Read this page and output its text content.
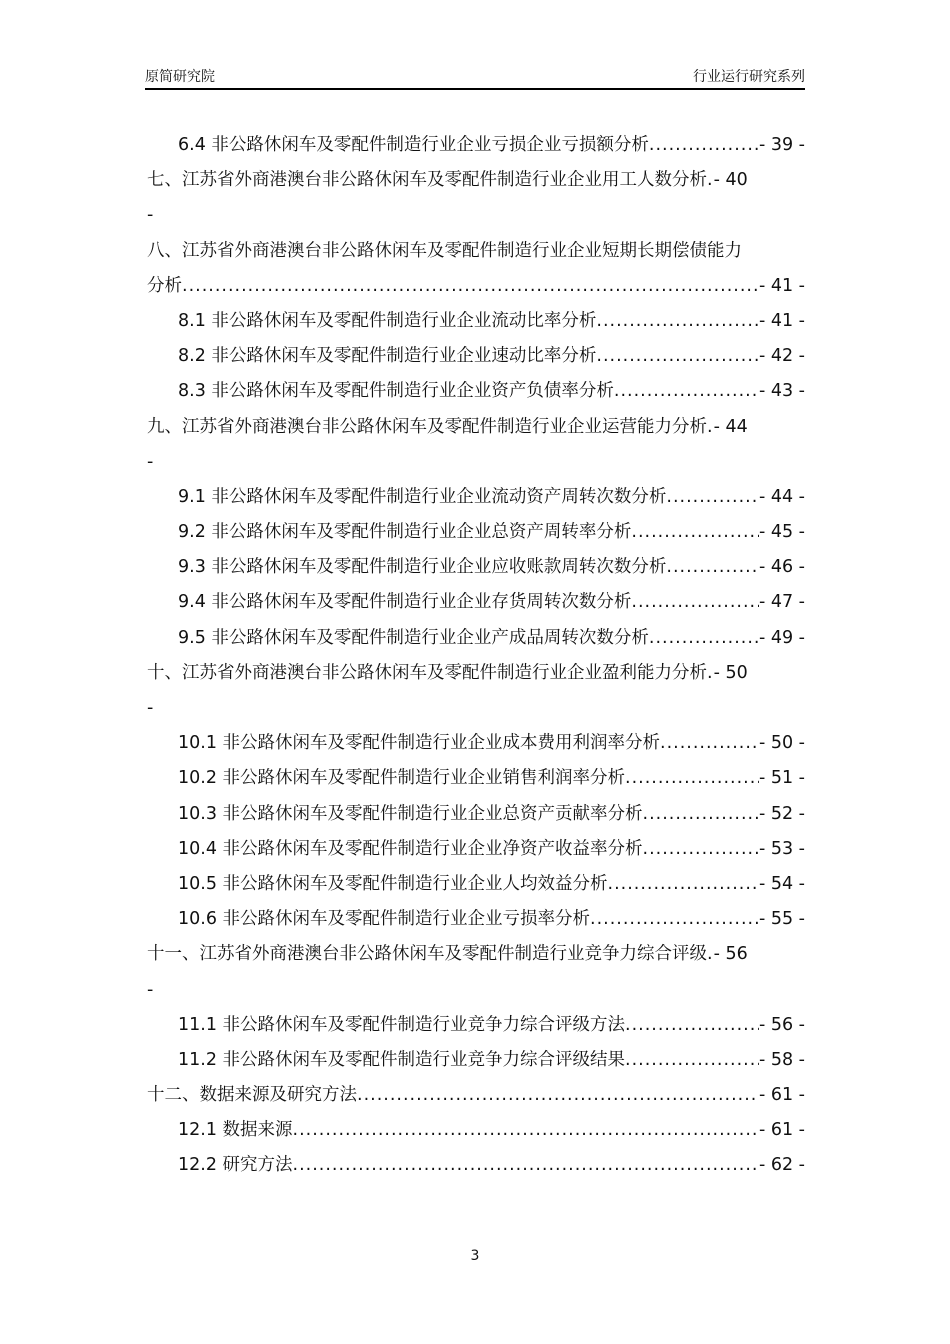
原简研究院	行业运行研究系列
6.4 非公路休闲车及零配件制造行业企业亏损企业亏损额分析 .....	- 39 -
七、江苏省外商港澳台非公路休闲车及零配件制造行业企业用工人数分析 . - 40
-
八、江苏省外商港澳台非公路休闲车及零配件制造行业企业短期长期偿债能力
分析 .....	- 41 -
8.1 非公路休闲车及零配件制造行业企业流动比率分析 .....	- 41 -
8.2 非公路休闲车及零配件制造行业企业速动比率分析 .....	- 42 -
8.3 非公路休闲车及零配件制造行业企业资产负债率分析 .....	- 43 -
九、江苏省外商港澳台非公路休闲车及零配件制造行业企业运营能力分析 . - 44
-
9.1 非公路休闲车及零配件制造行业企业流动资产周转次数分析 .....	- 44 -
9.2 非公路休闲车及零配件制造行业企业总资产周转率分析 .....	- 45 -
9.3 非公路休闲车及零配件制造行业企业应收账款周转次数分析 .....	- 46 -
9.4 非公路休闲车及零配件制造行业企业存货周转次数分析 .....	- 47 -
9.5 非公路休闲车及零配件制造行业企业产成品周转次数分析 .....	- 49 -
十、江苏省外商港澳台非公路休闲车及零配件制造行业企业盈利能力分析 . - 50
-
10.1 非公路休闲车及零配件制造行业企业成本费用利润率分析 .....	- 50 -
10.2 非公路休闲车及零配件制造行业企业销售利润率分析 .....	- 51 -
10.3 非公路休闲车及零配件制造行业企业总资产贡献率分析 .....	- 52 -
10.4 非公路休闲车及零配件制造行业企业净资产收益率分析 .....	- 53 -
10.5 非公路休闲车及零配件制造行业企业人均效益分析 .....	- 54 -
10.6 非公路休闲车及零配件制造行业企业亏损率分析 .....	- 55 -
十一、江苏省外商港澳台非公路休闲车及零配件制造行业竞争力综合评级 . - 56
-
11.1 非公路休闲车及零配件制造行业竞争力综合评级方法 .....	- 56 -
11.2 非公路休闲车及零配件制造行业竞争力综合评级结果 .....	- 58 -
十二、数据来源及研究方法 .....	- 61 -
12.1 数据来源 .....	- 61 -
12.2 研究方法 .....	- 62 -
3
